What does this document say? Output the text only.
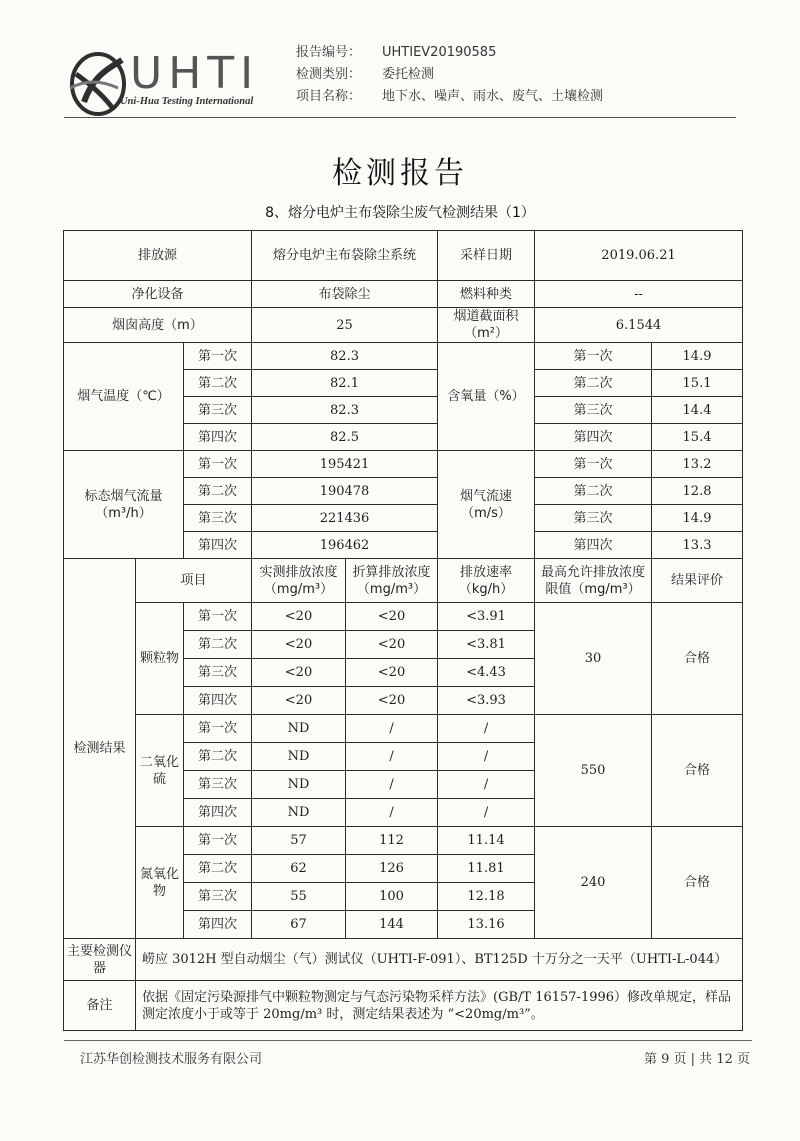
UHTI
Uni-Hua Testing International
报告编号： UHTIEV20190585
检测类别： 委托检测
项目名称： 地下水、噪声、雨水、废气、土壤检测
检测报告
8、熔分电炉主布袋除尘废气检测结果（1）
排放源			熔分电炉主布袋除尘系统		采样日期	2019.06.21	
净化设备			布袋除尘		燃料种类	--	
烟囱高度（m）			25		烟道截面积（m²）	6.1544	
烟气温度（℃）		第一次	82.3		含氧量（%）	第一次	14.9
		第二次	82.1			第二次	15.1
		第三次	82.3			第三次	14.4
		第四次	82.5			第四次	15.4
标态烟气流量（m³/h）		第一次	195421		烟气流速（m/s）	第一次	13.2
		第二次	190478			第二次	12.8
		第三次	221436			第三次	14.9
		第四次	196462			第四次	13.3
检测结果	项目		实测排放浓度（mg/m³）	折算排放浓度（mg/m³）	排放速率（kg/h）	最高允许排放浓度限值（mg/m³）	结果评价
	颗粒物	第一次	<20	<20	<3.91	30	合格
		第二次	<20	<20	<3.81		
		第三次	<20	<20	<4.43		
		第四次	<20	<20	<3.93		
	二氧化硫	第一次	ND	/	/	550	合格
		第二次	ND	/	/		
		第三次	ND	/	/		
		第四次	ND	/	/		
	氮氧化物	第一次	57	112	11.14	240	合格
		第二次	62	126	11.81		
		第三次	55	100	12.18		
		第四次	67	144	13.16		
主要检测仪器	崂应 3012H 型自动烟尘（气）测试仪（UHTI-F-091）、BT125D 十万分之一天平（UHTI-L-044）						
备注	依据《固定污染源排气中颗粒物测定与气态污染物采样方法》(GB/T 16157-1996）修改单规定，样品测定浓度小于或等于 20mg/m³ 时，测定结果表述为 “<20mg/m³”。						
江苏华创检测技术服务有限公司	第 9 页 | 共 12 页
